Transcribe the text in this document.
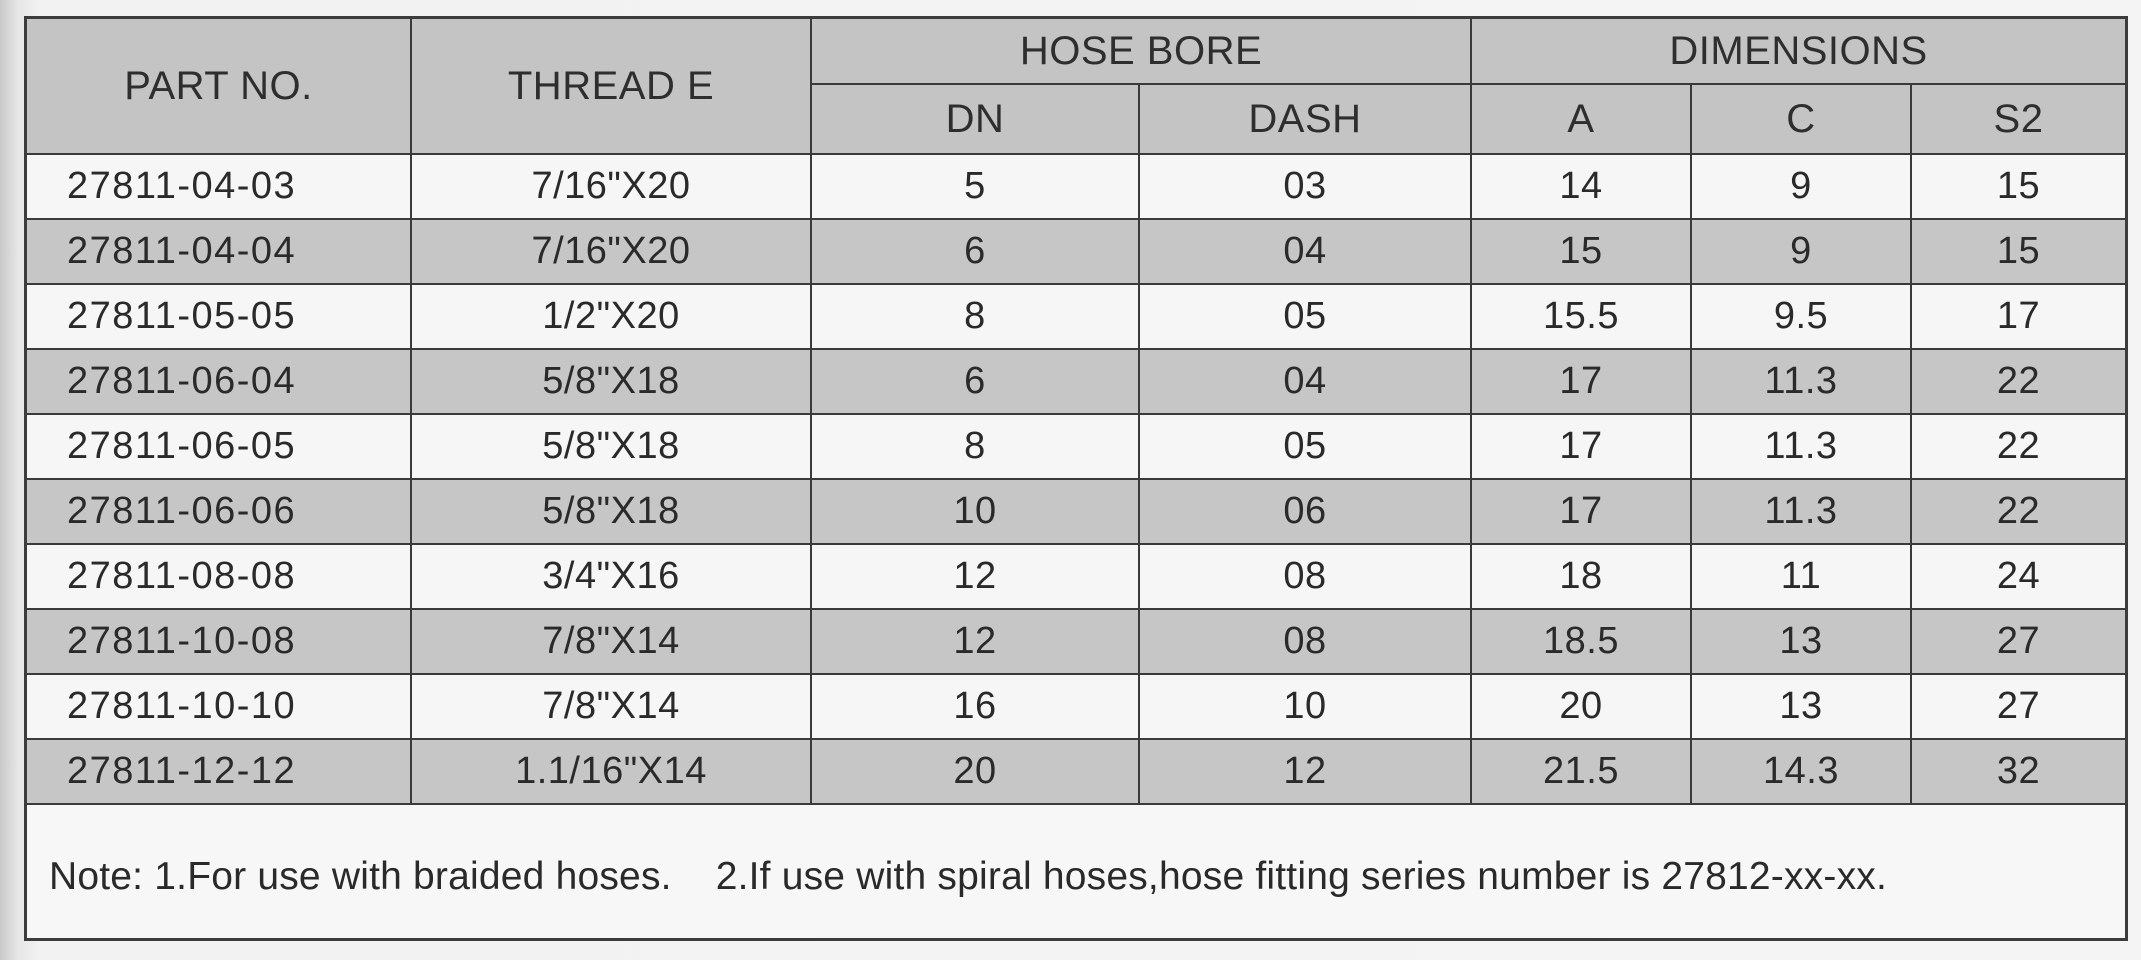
PART NO.	THREAD E	HOSE BORE		DIMENSIONS		
		DN	DASH	A	C	S2
27811-04-03	7/16"X20	5	03	14	9	15
27811-04-04	7/16"X20	6	04	15	9	15
27811-05-05	1/2"X20	8	05	15.5	9.5	17
27811-06-04	5/8"X18	6	04	17	11.3	22
27811-06-05	5/8"X18	8	05	17	11.3	22
27811-06-06	5/8"X18	10	06	17	11.3	22
27811-08-08	3/4"X16	12	08	18	11	24
27811-10-08	7/8"X14	12	08	18.5	13	27
27811-10-10	7/8"X14	16	10	20	13	27
27811-12-12	1.1/16"X14	20	12	21.5	14.3	32
Note: 1.For use with braided hoses. 2.If use with spiral hoses,hose fitting series number is 27812-xx-xx.
